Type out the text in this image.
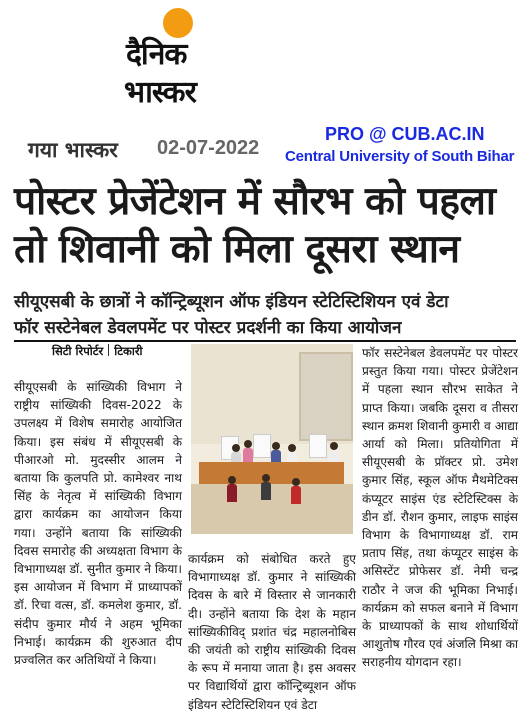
दैनिक
भास्कर
गया भास्कर 02-07-2022
PRO @ CUB.AC.IN
Central University of South Bihar
पोस्टर प्रेजेंटेशन में सौरभ को पहला
तो शिवानी को मिला दूसरा स्थान
सीयूएसबी के छात्रों ने कॉन्ट्रिब्यूशन ऑफ इंडियन स्टेटिस्टिशियन एवं डेटा
फॉर सस्टेनेबल डेवलपमेंट पर पोस्टर प्रदर्शनी का किया आयोजन
सिटी रिपोर्टर टिकारी

सीयूएसबी के सांख्यिकी विभाग ने राष्ट्रीय सांख्यिकी दिवस-2022 के उपलक्ष्य में विशेष समारोह आयोजित किया। इस संबंध में सीयूएसबी के पीआरओ मो. मुदस्सीर आलम ने बताया कि कुलपति प्रो. कामेश्वर नाथ सिंह के नेतृत्व में सांख्यिकी विभाग द्वारा कार्यक्रम का आयोजन किया गया। उन्होंने बताया कि सांख्यिकी दिवस समारोह की अध्यक्षता विभाग के विभागाध्यक्ष डॉ. सुनीत कुमार ने किया। इस आयोजन में विभाग में प्राध्यापकों डॉ. रिचा वत्स, डॉ. कमलेश कुमार, डॉ. संदीप कुमार मौर्य ने अहम भूमिका निभाई। कार्यक्रम की शुरुआत दीप प्रज्वलित कर अतिथियों ने किया।

कार्यक्रम को संबोधित करते हुए विभागाध्यक्ष डॉ. कुमार ने सांख्यिकी दिवस के बारे में विस्तार से जानकारी दी। उन्होंने बताया कि देश के महान सांख्यिकीविद् प्रशांत चंद्र महालनोबिस की जयंती को राष्ट्रीय सांख्यिकी दिवस के रूप में मनाया जाता है। इस अवसर पर विद्यार्थियों द्वारा कॉन्ट्रिब्यूशन ऑफ इंडियन स्टेटिस्टिशियन एवं डेटा

फॉर सस्टेनेबल डेवलपमेंट पर पोस्टर प्रस्तुत किया गया। पोस्टर प्रेजेंटेशन में पहला स्थान सौरभ साकेत ने प्राप्त किया। जबकि दूसरा व तीसरा स्थान क्रमश शिवानी कुमारी व आद्या आर्या को मिला। प्रतियोगिता में सीयूएसबी के प्रॉक्टर प्रो. उमेश कुमार सिंह, स्कूल ऑफ मैथमेटिक्स कंप्यूटर साइंस एंड स्टेटिस्टिक्स के डीन डॉ. रौशन कुमार, लाइफ साइंस विभाग के विभागाध्यक्ष डॉ. राम प्रताप सिंह, तथा कंप्यूटर साइंस के असिस्टेंट प्रोफेसर डॉ. नेमी चन्द्र राठौर ने जज की भूमिका निभाई। कार्यक्रम को सफल बनाने में विभाग के प्राध्यापकों के साथ शोधार्थियों आशुतोष गौरव एवं अंजलि मिश्रा का सराहनीय योगदान रहा।
